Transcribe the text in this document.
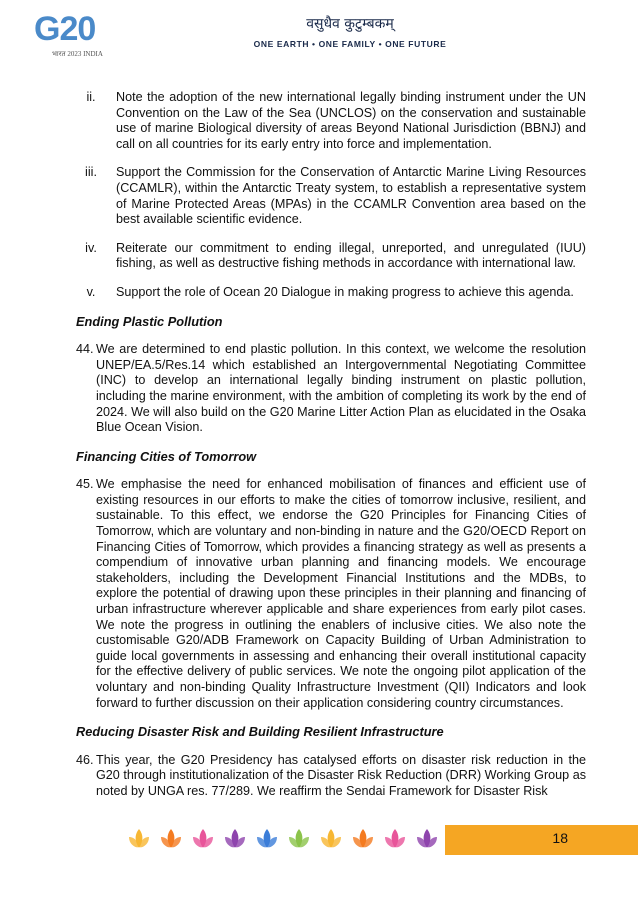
G20
भारत 2023 INDIA
वसुधैव कुटुम्बकम्
ONE EARTH • ONE FAMILY • ONE FUTURE
ii.	Note the adoption of the new international legally binding instrument under the UN Convention on the Law of the Sea (UNCLOS) on the conservation and sustainable use of marine Biological diversity of areas Beyond National Jurisdiction (BBNJ) and call on all countries for its early entry into force and implementation.
iii.	Support the Commission for the Conservation of Antarctic Marine Living Resources (CCAMLR), within the Antarctic Treaty system, to establish a representative system of Marine Protected Areas (MPAs) in the CCAMLR Convention area based on the best available scientific evidence.
iv.	Reiterate our commitment to ending illegal, unreported, and unregulated (IUU) fishing, as well as destructive fishing methods in accordance with international law.
v.	Support the role of Ocean 20 Dialogue in making progress to achieve this agenda.
Ending Plastic Pollution
44. We are determined to end plastic pollution. In this context, we welcome the resolution UNEP/EA.5/Res.14 which established an Intergovernmental Negotiating Committee (INC) to develop an international legally binding instrument on plastic pollution, including the marine environment, with the ambition of completing its work by the end of 2024. We will also build on the G20 Marine Litter Action Plan as elucidated in the Osaka Blue Ocean Vision.
Financing Cities of Tomorrow
45. We emphasise the need for enhanced mobilisation of finances and efficient use of existing resources in our efforts to make the cities of tomorrow inclusive, resilient, and sustainable. To this effect, we endorse the G20 Principles for Financing Cities of Tomorrow, which are voluntary and non-binding in nature and the G20/OECD Report on Financing Cities of Tomorrow, which provides a financing strategy as well as presents a compendium of innovative urban planning and financing models. We encourage stakeholders, including the Development Financial Institutions and the MDBs, to explore the potential of drawing upon these principles in their planning and financing of urban infrastructure wherever applicable and share experiences from early pilot cases. We note the progress in outlining the enablers of inclusive cities. We also note the customisable G20/ADB Framework on Capacity Building of Urban Administration to guide local governments in assessing and enhancing their overall institutional capacity for the effective delivery of public services. We note the ongoing pilot application of the voluntary and non-binding Quality Infrastructure Investment (QII) Indicators and look forward to further discussion on their application considering country circumstances.
Reducing Disaster Risk and Building Resilient Infrastructure
46. This year, the G20 Presidency has catalysed efforts on disaster risk reduction in the G20 through institutionalization of the Disaster Risk Reduction (DRR) Working Group as noted by UNGA res. 77/289. We reaffirm the Sendai Framework for Disaster Risk
18
